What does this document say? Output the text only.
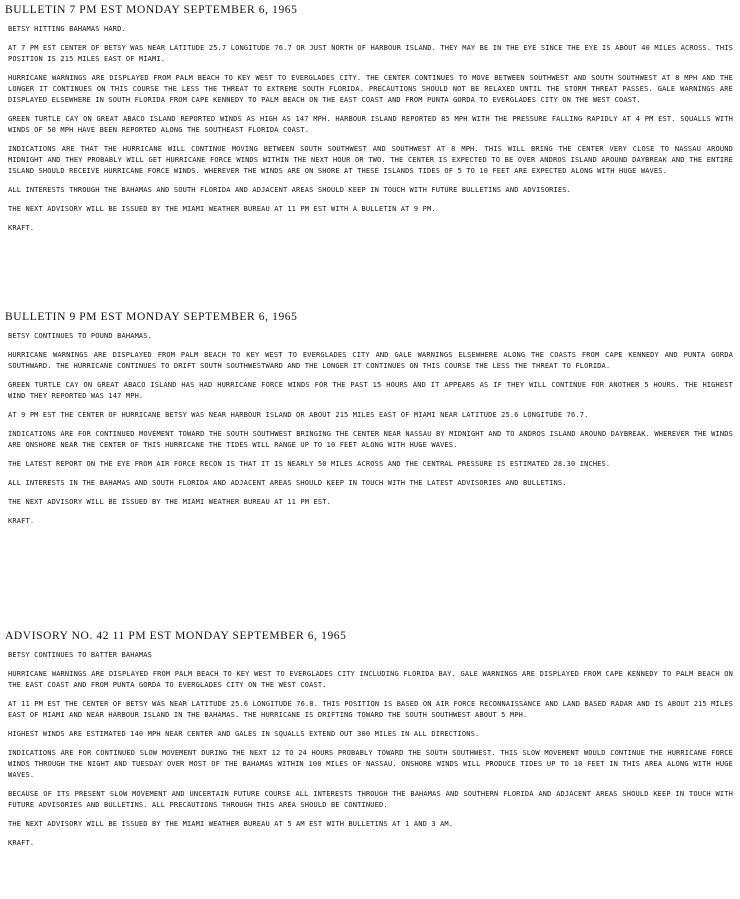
BULLETIN 7 PM EST MONDAY SEPTEMBER 6, 1965

BETSY HITTING BAHAMAS HARD.

AT 7 PM EST CENTER OF BETSY WAS NEAR LATITUDE 25.7 LONGITUDE 76.7 OR JUST NORTH OF HARBOUR ISLAND. THEY MAY BE IN THE EYE SINCE THE EYE IS ABOUT 40 MILES ACROSS. THIS POSITION IS 215 MILES EAST OF MIAMI.

HURRICANE WARNINGS ARE DISPLAYED FROM PALM BEACH TO KEY WEST TO EVERGLADES CITY. THE CENTER CONTINUES TO MOVE BETWEEN SOUTHWEST AND SOUTH SOUTHWEST AT 8 MPH AND THE LONGER IT CONTINUES ON THIS COURSE THE LESS THE THREAT TO EXTREME SOUTH FLORIDA. PRECAUTIONS SHOULD NOT BE RELAXED UNTIL THE STORM THREAT PASSES. GALE WARNINGS ARE DISPLAYED ELSEWHERE IN SOUTH FLORIDA FROM CAPE KENNEDY TO PALM BEACH ON THE EAST COAST AND FROM PUNTA GORDA TO EVERGLADES CITY ON THE WEST COAST.

GREEN TURTLE CAY ON GREAT ABACO ISLAND REPORTED WINDS AS HIGH AS 147 MPH. HARBOUR ISLAND REPORTED 85 MPH WITH THE PRESSURE FALLING RAPIDLY AT 4 PM EST. SQUALLS WITH WINDS OF 50 MPH HAVE BEEN REPORTED ALONG THE SOUTHEAST FLORIDA COAST.

INDICATIONS ARE THAT THE HURRICANE WILL CONTINUE MOVING BETWEEN SOUTH SOUTHWEST AND SOUTHWEST AT 8 MPH. THIS WILL BRING THE CENTER VERY CLOSE TO NASSAU AROUND MIDNIGHT AND THEY PROBABLY WILL GET HURRICANE FORCE WINDS WITHIN THE NEXT HOUR OR TWO. THE CENTER IS EXPECTED TO BE OVER ANDROS ISLAND AROUND DAYBREAK AND THE ENTIRE ISLAND SHOULD RECEIVE HURRICANE FORCE WINDS. WHEREVER THE WINDS ARE ON SHORE AT THESE ISLANDS TIDES OF 5 TO 10 FEET ARE EXPECTED ALONG WITH HUGE WAVES.

ALL INTERESTS THROUGH THE BAHAMAS AND SOUTH FLORIDA AND ADJACENT AREAS SHOULD KEEP IN TOUCH WITH FUTURE BULLETINS AND ADVISORIES.

THE NEXT ADVISORY WILL BE ISSUED BY THE MIAMI WEATHER BUREAU AT 11 PM EST WITH A BULLETIN AT 9 PM.

KRAFT.

BULLETIN 9 PM EST MONDAY SEPTEMBER 6, 1965

BETSY CONTINUES TO POUND BAHAMAS.

HURRICANE WARNINGS ARE DISPLAYED FROM PALM BEACH TO KEY WEST TO EVERGLADES CITY AND GALE WARNINGS ELSEWHERE ALONG THE COASTS FROM CAPE KENNEDY AND PUNTA GORDA SOUTHWARD. THE HURRICANE CONTINUES TO DRIFT SOUTH SOUTHWESTWARD AND THE LONGER IT CONTINUES ON THIS COURSE THE LESS THE THREAT TO FLORIDA.

GREEN TURTLE CAY ON GREAT ABACO ISLAND HAS HAD HURRICANE FORCE WINDS FOR THE PAST 15 HOURS AND IT APPEARS AS IF THEY WILL CONTINUE FOR ANOTHER 5 HOURS. THE HIGHEST WIND THEY REPORTED WAS 147 MPH.

AT 9 PM EST THE CENTER OF HURRICANE BETSY WAS NEAR HARBOUR ISLAND OR ABOUT 215 MILES EAST OF MIAMI NEAR LATITUDE 25.6 LONGITUDE 76.7.

INDICATIONS ARE FOR CONTINUED MOVEMENT TOWARD THE SOUTH SOUTHWEST BRINGING THE CENTER NEAR NASSAU BY MIDNIGHT AND TO ANDROS ISLAND AROUND DAYBREAK. WHEREVER THE WINDS ARE ONSHORE NEAR THE CENTER OF THIS HURRICANE THE TIDES WILL RANGE UP TO 10 FEET ALONG WITH HUGE WAVES.

THE LATEST REPORT ON THE EYE FROM AIR FORCE RECON IS THAT IT IS NEARLY 50 MILES ACROSS AND THE CENTRAL PRESSURE IS ESTIMATED 28.30 INCHES.

ALL INTERESTS IN THE BAHAMAS AND SOUTH FLORIDA AND ADJACENT AREAS SHOULD KEEP IN TOUCH WITH THE LATEST ADVISORIES AND BULLETINS.

THE NEXT ADVISORY WILL BE ISSUED BY THE MIAMI WEATHER BUREAU AT 11 PM EST.

KRAFT.

ADVISORY NO. 42 11 PM EST MONDAY SEPTEMBER 6, 1965

BETSY CONTINUES TO BATTER BAHAMAS

HURRICANE WARNINGS ARE DISPLAYED FROM PALM BEACH TO KEY WEST TO EVERGLADES CITY INCLUDING FLORIDA BAY. GALE WARNINGS ARE DISPLAYED FROM CAPE KENNEDY TO PALM BEACH ON THE EAST COAST AND FROM PUNTA GORDA TO EVERGLADES CITY ON THE WEST COAST.

AT 11 PM EST THE CENTER OF BETSY WAS NEAR LATITUDE 25.6 LONGITUDE 76.8. THIS POSITION IS BASED ON AIR FORCE RECONNAISSANCE AND LAND BASED RADAR AND IS ABOUT 215 MILES EAST OF MIAMI AND NEAR HARBOUR ISLAND IN THE BAHAMAS. THE HURRICANE IS DRIFTING TOWARD THE SOUTH SOUTHWEST ABOUT 5 MPH.

HIGHEST WINDS ARE ESTIMATED 140 MPH NEAR CENTER AND GALES IN SQUALLS EXTEND OUT 300 MILES IN ALL DIRECTIONS.

INDICATIONS ARE FOR CONTINUED SLOW MOVEMENT DURING THE NEXT 12 TO 24 HOURS PROBABLY TOWARD THE SOUTH SOUTHWEST. THIS SLOW MOVEMENT WOULD CONTINUE THE HURRICANE FORCE WINDS THROUGH THE NIGHT AND TUESDAY OVER MOST OF THE BAHAMAS WITHIN 100 MILES OF NASSAU. ONSHORE WINDS WILL PRODUCE TIDES UP TO 10 FEET IN THIS AREA ALONG WITH HUGE WAVES.

BECAUSE OF ITS PRESENT SLOW MOVEMENT AND UNCERTAIN FUTURE COURSE ALL INTERESTS THROUGH THE BAHAMAS AND SOUTHERN FLORIDA AND ADJACENT AREAS SHOULD KEEP IN TOUCH WITH FUTURE ADVISORIES AND BULLETINS. ALL PRECAUTIONS THROUGH THIS AREA SHOULD BE CONTINUED.

THE NEXT ADVISORY WILL BE ISSUED BY THE MIAMI WEATHER BUREAU AT 5 AM EST WITH BULLETINS AT 1 AND 3 AM.

KRAFT.
